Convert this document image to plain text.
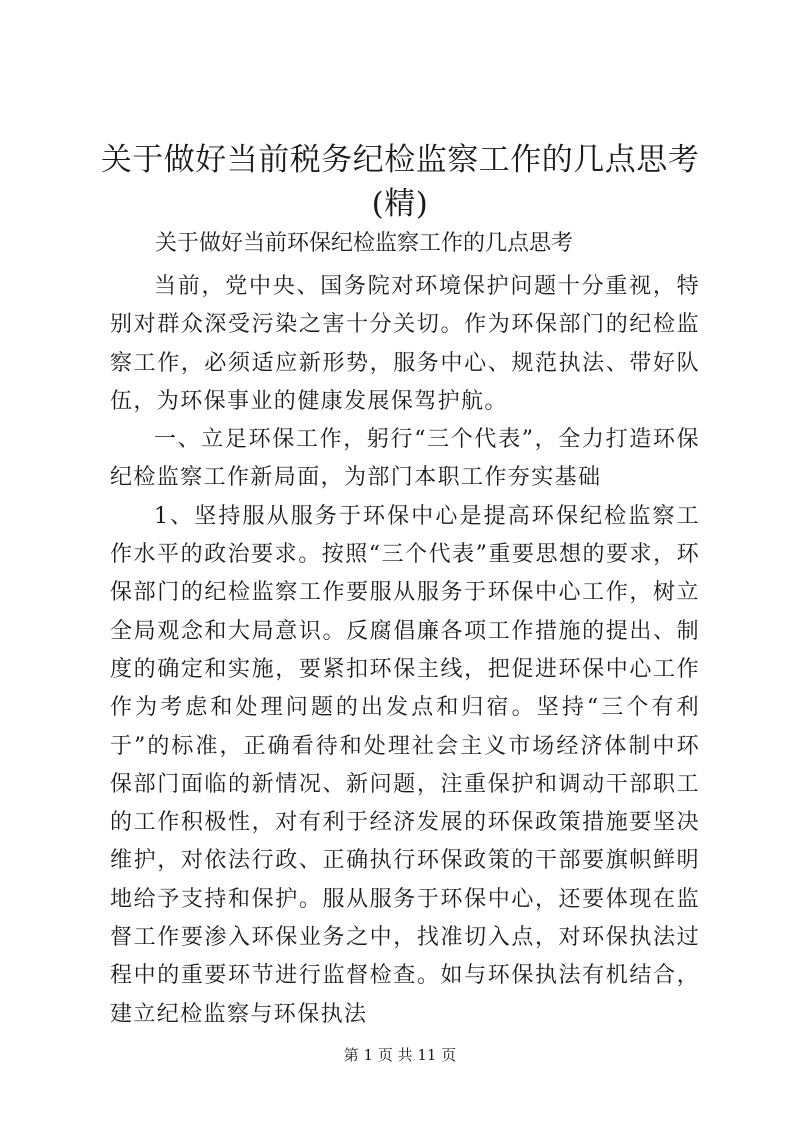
关于做好当前税务纪检监察工作的几点思考
(精)

关于做好当前环保纪检监察工作的几点思考

当前，党中央、国务院对环境保护问题十分重视，特别对群众深受污染之害十分关切。作为环保部门的纪检监察工作，必须适应新形势，服务中心、规范执法、带好队伍，为环保事业的健康发展保驾护航。

一、立足环保工作，躬行“三个代表”，全力打造环保纪检监察工作新局面，为部门本职工作夯实基础

1、坚持服从服务于环保中心是提高环保纪检监察工作水平的政治要求。按照“三个代表”重要思想的要求，环保部门的纪检监察工作要服从服务于环保中心工作，树立全局观念和大局意识。反腐倡廉各项工作措施的提出、制度的确定和实施，要紧扣环保主线，把促进环保中心工作作为考虑和处理问题的出发点和归宿。坚持“三个有利于”的标准，正确看待和处理社会主义市场经济体制中环保部门面临的新情况、新问题，注重保护和调动干部职工的工作积极性，对有利于经济发展的环保政策措施要坚决维护，对依法行政、正确执行环保政策的干部要旗帜鲜明地给予支持和保护。服从服务于环保中心，还要体现在监督工作要渗入环保业务之中，找准切入点，对环保执法过程中的重要环节进行监督检查。如与环保执法有机结合，建立纪检监察与环保执法

第 1 页 共 11 页
